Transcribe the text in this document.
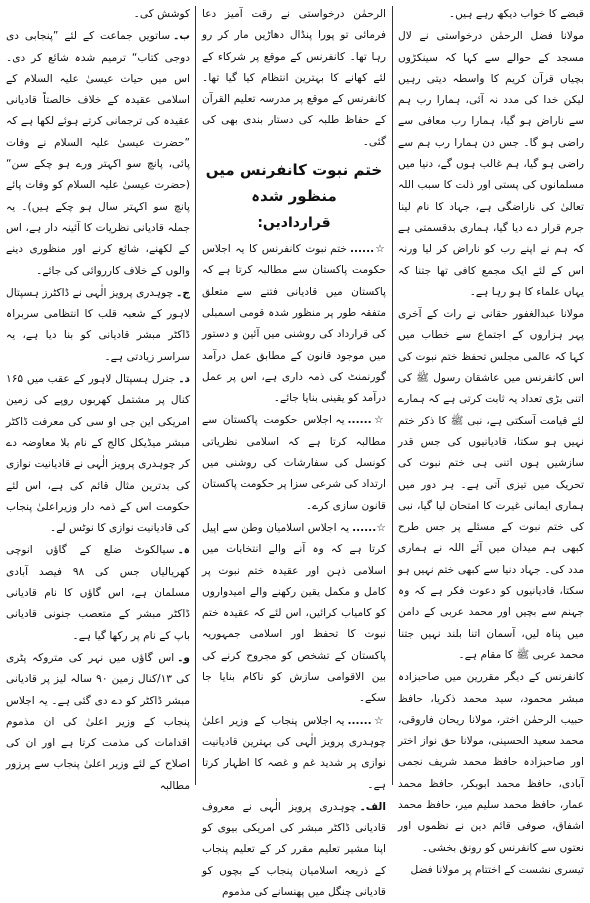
قبضے کا خواب دیکھ رہے ہیں۔

مولانا فضل الرحمٰن درخواستی نے لال مسجد کے حوالے سے کہا کہ سینکڑوں بچیاں قرآن کریم کا واسطہ دیتی رہیں لیکن خدا کی مدد نہ آئی، ہمارا رب ہم سے ناراض ہو گیا، ہمارا رب معافی سے راضی ہو گا۔ جس دن ہمارا رب ہم سے راضی ہو گیا، ہم غالب ہوں گے، دنیا میں مسلمانوں کی پستی اور ذلت کا سبب اللہ تعالیٰ کی ناراضگی ہے، جہاد کا نام لینا جرم قرار دے دیا گیا، ہماری بدقسمتی ہے کہ ہم نے اپنے رب کو ناراض کر لیا ورنہ اس کے لئے ایک مجمع کافی تھا جتنا کہ یہاں علماء کا ہو رہا ہے۔

مولانا عبدالغفور حقانی نے رات کے آخری پہر ہزاروں کے اجتماع سے خطاب میں کہا کہ عالمی مجلس تحفظ ختم نبوت کی اس کانفرنس میں عاشقان رسول ﷺ کی اتنی بڑی تعداد یہ ثابت کرتی ہے کہ ہمارے لئے قیامت آسکتی ہے، نبی ﷺ کا ذکر ختم نہیں ہو سکتا، قادیانیوں کی جس قدر سازشیں ہوں اتنی ہی ختم نبوت کی تحریک میں تیزی آتی ہے۔ ہر دور میں ہماری ایمانی غیرت کا امتحان لیا گیا، نبی کی ختم نبوت کے مسئلے پر جس طرح کبھی ہم میدان میں آئے اللہ نے ہماری مدد کی۔ جہاد دنیا سے کبھی ختم نہیں ہو سکتا، قادیانیوں کو دعوت فکر ہے کہ وہ جہنم سے بچیں اور محمد عربی کے دامن میں پناہ لیں، آسمان اتنا بلند نہیں جتنا محمد عربی ﷺ کا مقام ہے۔

کانفرنس کے دیگر مقررین میں صاحبزادہ مبشر محمود، سید محمد ذکریا، حافظ حبیب الرحمٰن اختر، مولانا ریحان فاروقی، محمد سعید الحسینی، مولانا حق نواز اختر اور صاحبزادہ حافظ محمد شریف نجمی آبادی، حافظ محمد ابوبکر، حافظ محمد عمار، حافظ محمد سلیم میر، حافظ محمد اشفاق، صوفی قائم دین نے نظموں اور نعتوں سے کانفرنس کو رونق بخشی۔

تیسری نشست کے اختتام پر مولانا فضل

الرحمٰن درخواستی نے رقت آمیز دعا فرمائی تو پورا پنڈال دھاڑیں مار کر رو رہا تھا۔ کانفرنس کے موقع پر شرکاء کے لئے کھانے کا بہترین انتظام کیا گیا تھا۔ کانفرنس کے موقع پر مدرسہ تعلیم القرآن کے حفاظ طلبہ کی دستار بندی بھی کی گئی۔

ختم نبوت کانفرنس میں منظور شدہ
قراردادیں:

☆......ختم نبوت کانفرنس کا یہ اجلاس حکومت پاکستان سے مطالبہ کرتا ہے کہ پاکستان میں قادیانی فتنے سے متعلق متفقہ طور پر منظور شدہ قومی اسمبلی کی قرارداد کی روشنی میں آئین و دستور میں موجود قانون کے مطابق عمل درآمد گورنمنٹ کی ذمہ داری ہے، اس پر عمل درآمد کو یقینی بنایا جائے۔

☆......یہ اجلاس حکومت پاکستان سے مطالبہ کرتا ہے کہ اسلامی نظریاتی کونسل کی سفارشات کی روشنی میں ارتداد کی شرعی سزا پر حکومت پاکستان قانون سازی کرے۔

☆......یہ اجلاس اسلامیان وطن سے اپیل کرتا ہے کہ وہ آنے والے انتخابات میں اسلامی ذہن اور عقیدہ ختم نبوت پر کامل و مکمل یقین رکھنے والے امیدواروں کو کامیاب کرائیں، اس لئے کہ عقیدہ ختم نبوت کا تحفظ اور اسلامی جمہوریہ پاکستان کے تشخص کو مجروح کرنے کی بین الاقوامی سازش کو ناکام بنایا جا سکے۔

☆......یہ اجلاس پنجاب کے وزیر اعلیٰ چوہدری پرویز الٰہی کی بہترین قادیانیت نوازی پر شدید غم و غصہ کا اظہار کرتا ہے۔

الف۔چوہدری پرویز الٰہی نے معروف قادیانی ڈاکٹر مبشر کی امریکی بیوی کو اپنا مشیر تعلیم مقرر کر کے تعلیم پنجاب کے ذریعہ اسلامیان پنجاب کے بچوں کو قادیانی چنگل میں پھنسانے کی مذموم

کوشش کی۔

ب۔ساتویں جماعت کے لئے ”پنجابی دی دوجی کتاب“ ترمیم شدہ شائع کر دی۔ اس میں حیات عیسیٰ علیہ السلام کے اسلامی عقیدہ کے خلاف خالصتاً قادیانی عقیدہ کی ترجمانی کرتے ہوئے لکھا ہے کہ ”حضرت عیسیٰ علیہ السلام نے وفات پائی، پانچ سو اکہتر ورے ہو چکے سن“ (حضرت عیسیٰ علیہ السلام کو وفات پائے پانچ سو اکہتر سال ہو چکے ہیں)۔ یہ جملہ قادیانی نظریات کا آئینہ دار ہے، اس کے لکھنے، شائع کرنے اور منظوری دینے والوں کے خلاف کارروائی کی جائے۔

ج۔چوہدری پرویز الٰہی نے ڈاکٹرز ہسپتال لاہور کے شعبہ قلب کا انتظامی سربراہ ڈاکٹر مبشر قادیانی کو بنا دیا ہے، یہ سراسر زیادتی ہے۔

د۔جنرل ہسپتال لاہور کے عقب میں ۱۶۵ کنال پر مشتمل کھربوں روپے کی زمین امریکی این جی او سی کی معرفت ڈاکٹر مبشر میڈیکل کالج کے نام بلا معاوضہ دے کر چوہدری پرویز الٰہی نے قادیانیت نوازی کی بدترین مثال قائم کی ہے، اس لئے حکومت اس کے ذمہ دار وزیراعلیٰ پنجاب کی قادیانیت نوازی کا نوٹس لے۔

ہ۔سیالکوٹ ضلع کے گاؤں انوچی کھریالیاں جس کی ۹۸ فیصد آبادی مسلمان ہے، اس گاؤں کا نام قادیانی ڈاکٹر مبشر کے متعصب جنونی قادیانی باپ کے نام پر رکھا گیا ہے۔

و۔اس گاؤں میں نہر کی متروکہ پٹری کی ۱۳/کنال زمین ۹۰ سالہ لیز پر قادیانی مبشر ڈاکٹر کو دے دی گئی ہے۔ یہ اجلاس پنجاب کے وزیر اعلیٰ کی ان مذموم اقدامات کی مذمت کرتا ہے اور ان کی اصلاح کے لئے وزیر اعلیٰ پنجاب سے پرزور مطالبہ
